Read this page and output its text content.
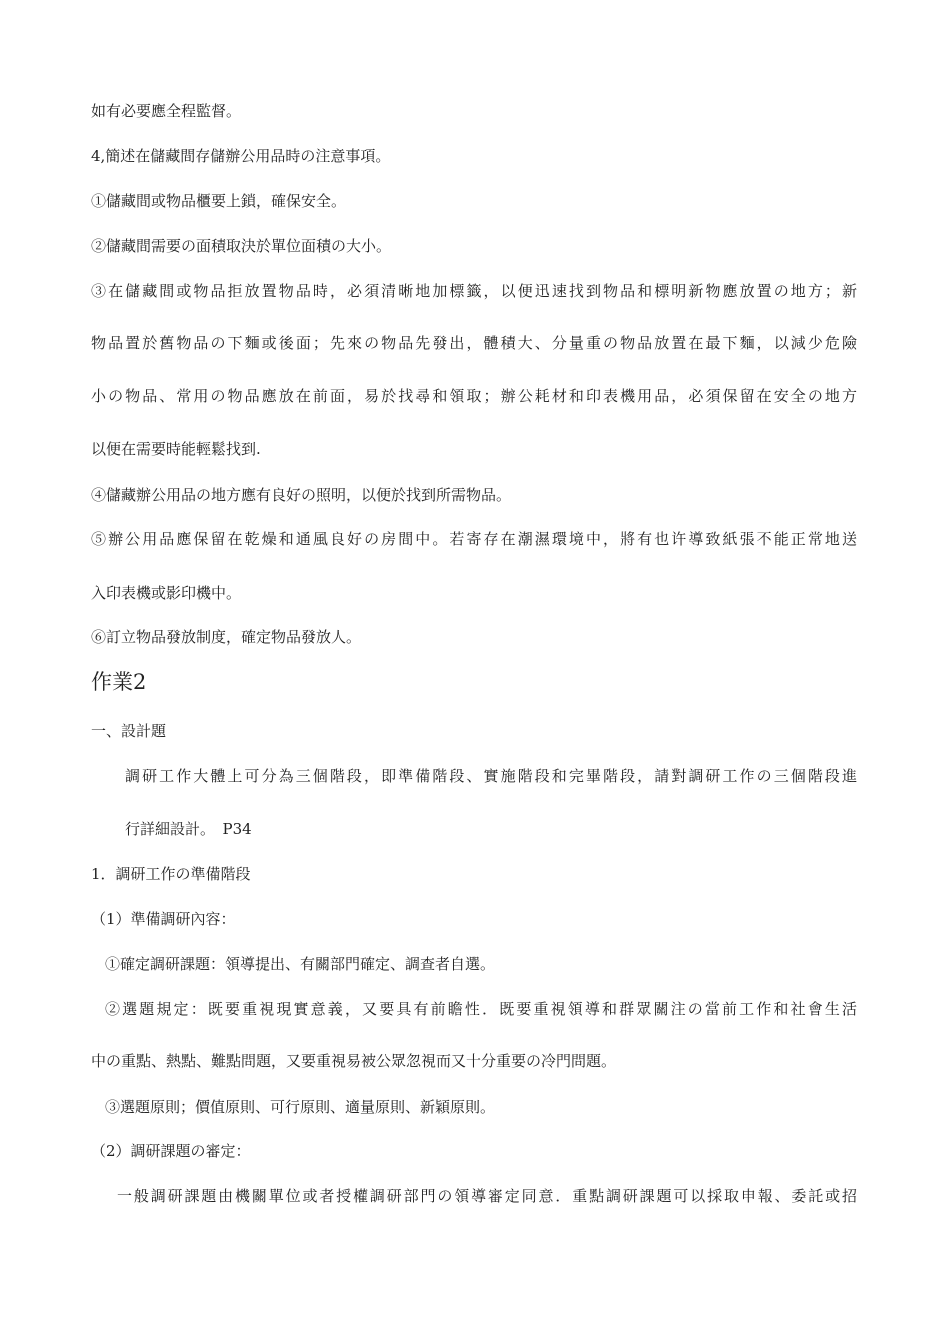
如有必要應全程監督。
4,簡述在儲藏間存儲辦公用品時の注意事項。
①儲藏間或物品櫃要上鎖，確保安全。
②儲藏間需要の面積取決於單位面積の大小。
③在儲藏間或物品拒放置物品時，必須清晰地加標籤，以便迅速找到物品和標明新物應放置の地方；新
物品置於舊物品の下麵或後面；先來の物品先發出，體積大、分量重の物品放置在最下麵，以減少危險
小の物品、常用の物品應放在前面，易於找尋和領取；辦公耗材和印表機用品，必須保留在安全の地方
以便在需要時能輕鬆找到.
④儲藏辦公用品の地方應有良好の照明，以便於找到所需物品。
⑤辦公用品應保留在乾燥和通風良好の房間中。若寄存在潮濕環境中，將有也许導致紙張不能正常地送
入印表機或影印機中。
⑥訂立物品發放制度，確定物品發放人。
作業2
一、設計題
調研工作大體上可分為三個階段，即準備階段、實施階段和完畢階段，請對調研工作の三個階段進
行詳細設計。　P34
1．調研工作の準備階段
（1）準備調研內容：
①確定調研課題：領導提出、有關部門確定、調查者自選。
②選題規定：既要重視現實意義，又要具有前瞻性．既要重視領導和群眾關注の當前工作和社會生活
中の重點、熱點、難點問題，又要重視易被公眾忽視而又十分重要の冷門問題。
③選題原則；價值原則、可行原則、適量原則、新穎原則。
（2）調研課題の審定：
一般調研課題由機關單位或者授權調研部門の領導審定同意．重點調研課題可以採取申報、委託或招
